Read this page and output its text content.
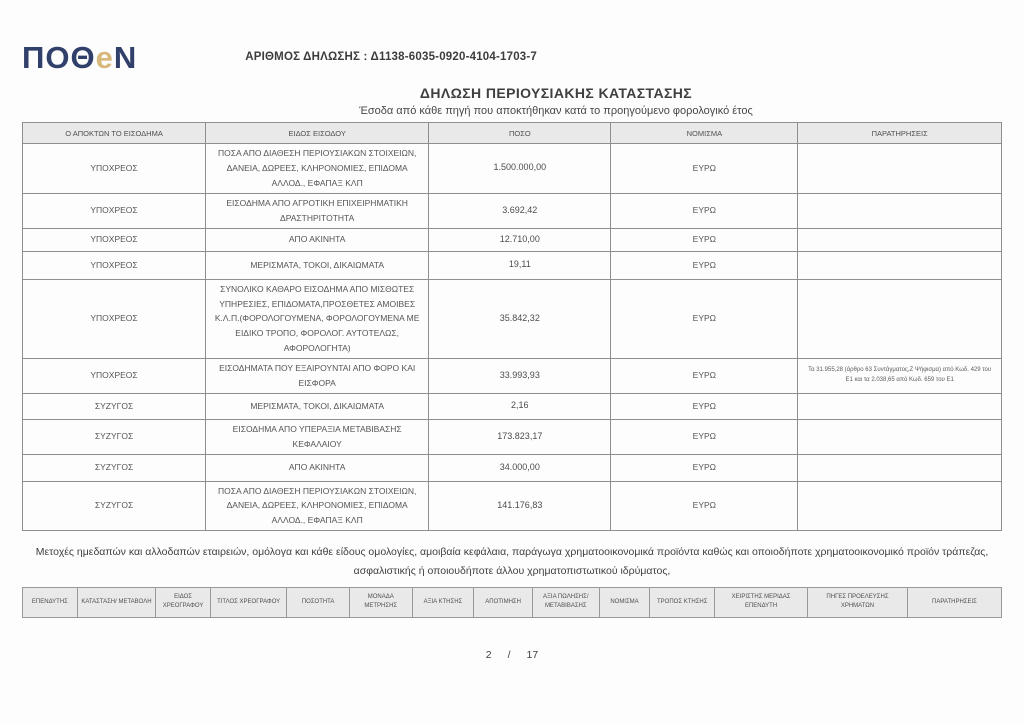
ΠΟΘeΝ	ΑΡΙΘΜΟΣ ΔΗΛΩΣΗΣ : Δ1138-6035-0920-4104-1703-7
ΔΗΛΩΣΗ ΠΕΡΙΟΥΣΙΑΚΗΣ ΚΑΤΑΣΤΑΣΗΣ
Έσοδα από κάθε πηγή που αποκτήθηκαν κατά το προηγούμενο φορολογικό έτος
Ο ΑΠΟΚΤΩΝ ΤΟ ΕΙΣΟΔΗΜΑ	ΕΙΔΟΣ ΕΙΣΟΔΟΥ	ΠΟΣΟ	ΝΟΜΙΣΜΑ	ΠΑΡΑΤΗΡΗΣΕΙΣ
ΥΠΟΧΡΕΟΣ	ΠΟΣΑ ΑΠΟ ΔΙΑΘΕΣΗ ΠΕΡΙΟΥΣΙΑΚΩΝ ΣΤΟΙΧΕΙΩΝ, ΔΑΝΕΙΑ, ΔΩΡΕΕΣ, ΚΛΗΡΟΝΟΜΙΕΣ, ΕΠΙΔΟΜΑ ΑΛΛΟΔ., ΕΦΑΠΑΞ ΚΛΠ	1.500.000,00	ΕΥΡΩ	
ΥΠΟΧΡΕΟΣ	ΕΙΣΟΔΗΜΑ ΑΠΟ ΑΓΡΟΤΙΚΗ ΕΠΙΧΕΙΡΗΜΑΤΙΚΗ ΔΡΑΣΤΗΡΙΤΟΤΗΤΑ	3.692,42	ΕΥΡΩ	
ΥΠΟΧΡΕΟΣ	ΑΠΟ ΑΚΙΝΗΤΑ	12.710,00	ΕΥΡΩ	
ΥΠΟΧΡΕΟΣ	ΜΕΡΙΣΜΑΤΑ, ΤΟΚΟΙ, ΔΙΚΑΙΩΜΑΤΑ	19,11	ΕΥΡΩ	
ΥΠΟΧΡΕΟΣ	ΣΥΝΟΛΙΚΟ ΚΑΘΑΡΟ ΕΙΣΟΔΗΜΑ ΑΠΟ ΜΙΣΘΩΤΕΣ ΥΠΗΡΕΣΙΕΣ, ΕΠΙΔΟΜΑΤΑ,ΠΡΟΣΘΕΤΕΣ ΑΜΟΙΒΕΣ Κ.Λ.Π.(ΦΟΡΟΛΟΓΟΥΜΕΝΑ, ΦΟΡΟΛΟΓΟΥΜΕΝΑ ΜΕ ΕΙΔΙΚΟ ΤΡΟΠΟ, ΦΟΡΟΛΟΓ. ΑΥΤΟΤΕΛΩΣ, ΑΦΟΡΟΛΟΓΗΤΑ)	35.842,32	ΕΥΡΩ	
ΥΠΟΧΡΕΟΣ	ΕΙΣΟΔΗΜΑΤΑ ΠΟΥ ΕΞΑΙΡΟΥΝΤΑΙ ΑΠΟ ΦΟΡΟ ΚΑΙ ΕΙΣΦΟΡΑ	33.993,93	ΕΥΡΩ	Τα 31.955,28 (άρθρο 63 Συντάγματος,Ζ Ψήφισμα) από Κωδ. 429 του Ε1 και τα 2.038,65 από Κωδ. 659 του Ε1
ΣΥΖΥΓΟΣ	ΜΕΡΙΣΜΑΤΑ, ΤΟΚΟΙ, ΔΙΚΑΙΩΜΑΤΑ	2,16	ΕΥΡΩ	
ΣΥΖΥΓΟΣ	ΕΙΣΟΔΗΜΑ ΑΠΟ ΥΠΕΡΑΞΙΑ ΜΕΤΑΒΙΒΑΣΗΣ ΚΕΦΑΛΑΙΟΥ	173.823,17	ΕΥΡΩ	
ΣΥΖΥΓΟΣ	ΑΠΟ ΑΚΙΝΗΤΑ	34.000,00	ΕΥΡΩ	
ΣΥΖΥΓΟΣ	ΠΟΣΑ ΑΠΟ ΔΙΑΘΕΣΗ ΠΕΡΙΟΥΣΙΑΚΩΝ ΣΤΟΙΧΕΙΩΝ, ΔΑΝΕΙΑ, ΔΩΡΕΕΣ, ΚΛΗΡΟΝΟΜΙΕΣ, ΕΠΙΔΟΜΑ ΑΛΛΟΔ., ΕΦΑΠΑΞ ΚΛΠ	141.176,83	ΕΥΡΩ	

Μετοχές ημεδαπών και αλλοδαπών εταιρειών, ομόλογα και κάθε είδους ομολογίες, αμοιβαία κεφάλαια, παράγωγα χρηματοοικονομικά προϊόντα καθώς και οποιοδήποτε χρηματοοικονομικό προϊόν τράπεζας, ασφαλιστικής ή οποιουδήποτε άλλου χρηματοπιστωτικού ιδρύματος,

ΕΠΕΝΔΥΤΗΣ	ΚΑΤΑΣΤΑΣΗ/ ΜΕΤΑΒΟΛΗ	ΕΙΔΟΣ ΧΡΕΟΓΡΑΦΟΥ	ΤΙΤΛΟΣ ΧΡΕΟΓΡΑΦΟΥ	ΠΟΣΟΤΗΤΑ	ΜΟΝΑΔΑ ΜΕΤΡΗΣΗΣ	ΑΞΙΑ ΚΤΗΣΗΣ	ΑΠΟΤΙΜΗΣΗ	ΑΞΙΑ ΠΩΛΗΣΗΣ/ ΜΕΤΑΒΙΒΑΣΗΣ	ΝΟΜΙΣΜΑ	ΤΡΟΠΟΣ ΚΤΗΣΗΣ	ΧΕΙΡΙΣΤΗΣ ΜΕΡΙΔΑΣ ΕΠΕΝΔΥΤΗ	ΠΗΓΕΣ ΠΡΟΕΛΕΥΣΗΣ ΧΡΗΜΑΤΩΝ	ΠΑΡΑΤΗΡΗΣΕΙΣ
2 / 17
